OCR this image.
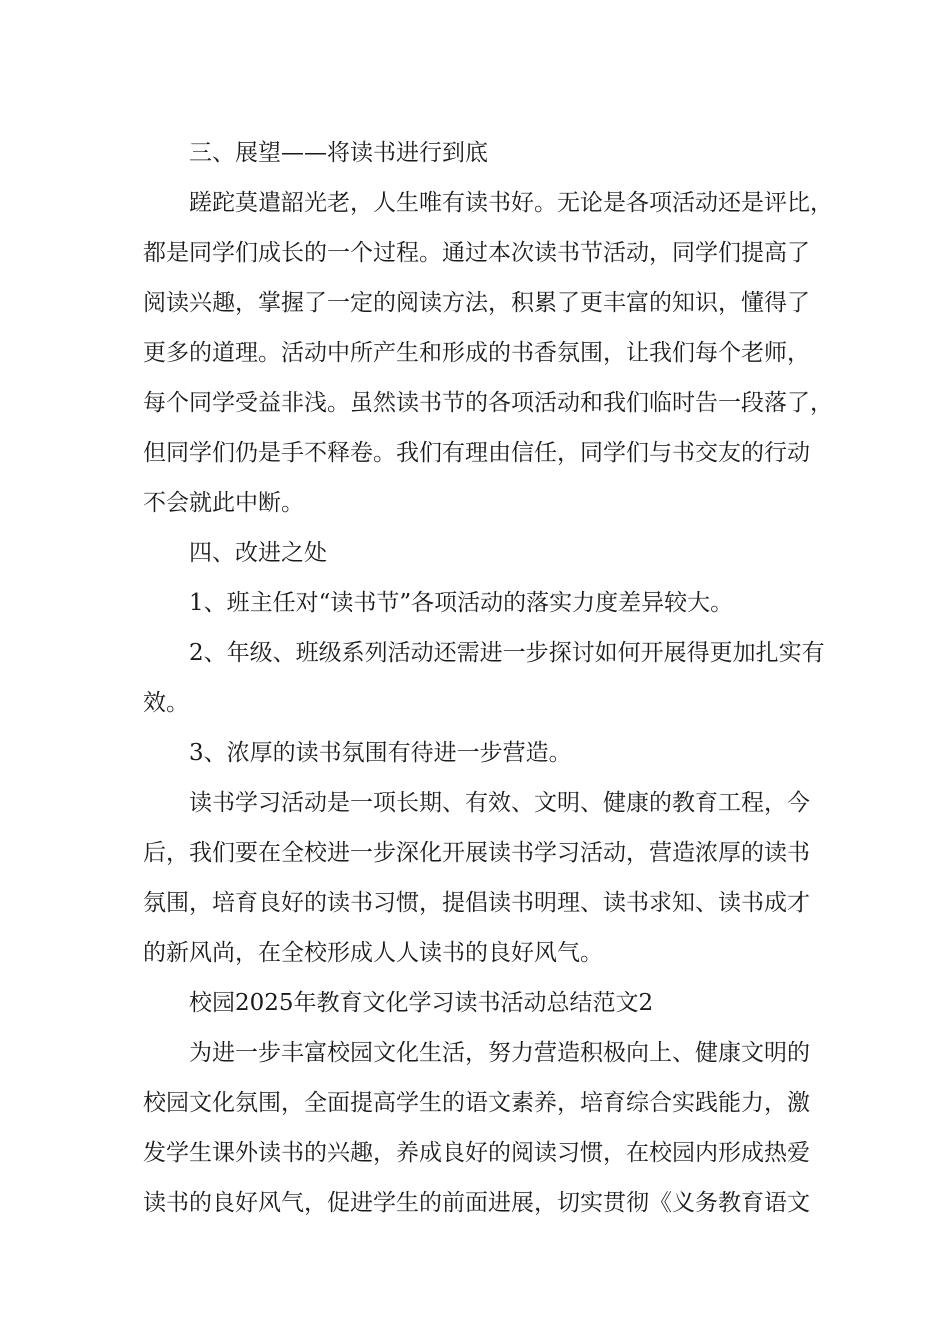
三、展望——将读书进行到底
蹉跎莫遣韶光老，人生唯有读书好。无论是各项活动还是评比，
都是同学们成长的一个过程。通过本次读书节活动，同学们提高了
阅读兴趣，掌握了一定的阅读方法，积累了更丰富的知识，懂得了
更多的道理。活动中所产生和形成的书香氛围，让我们每个老师，
每个同学受益非浅。虽然读书节的各项活动和我们临时告一段落了，
但同学们仍是手不释卷。我们有理由信任，同学们与书交友的行动
不会就此中断。
四、改进之处
1、班主任对“读书节”各项活动的落实力度差异较大。
2、年级、班级系列活动还需进一步探讨如何开展得更加扎实有
效。
3、浓厚的读书氛围有待进一步营造。
读书学习活动是一项长期、有效、文明、健康的教育工程，今
后，我们要在全校进一步深化开展读书学习活动，营造浓厚的读书
氛围，培育良好的读书习惯，提倡读书明理、读书求知、读书成才
的新风尚，在全校形成人人读书的良好风气。
校园2025年教育文化学习读书活动总结范文2
为进一步丰富校园文化生活，努力营造积极向上、健康文明的
校园文化氛围，全面提高学生的语文素养，培育综合实践能力，激
发学生课外读书的兴趣，养成良好的阅读习惯，在校园内形成热爱
读书的良好风气，促进学生的前面进展，切实贯彻《义务教育语文
